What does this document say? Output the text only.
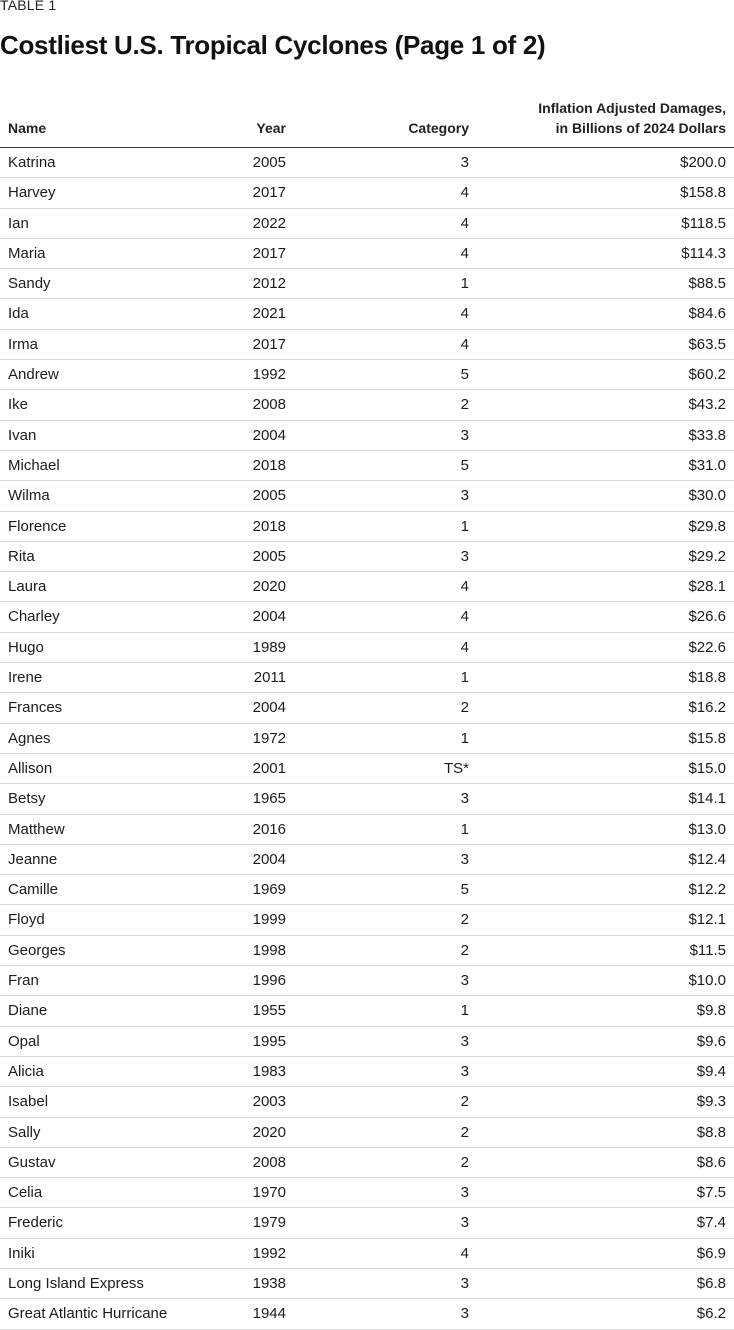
TABLE 1
Costliest U.S. Tropical Cyclones (Page 1 of 2)
Name	Year	Category
Inflation Adjusted Damages,
in Billions of 2024 Dollars
Katrina	2005	3	$200.0
Harvey	2017	4	$158.8
Ian	2022	4	$118.5
Maria	2017	4	$114.3
Sandy	2012	1	$88.5
Ida	2021	4	$84.6
Irma	2017	4	$63.5
Andrew	1992	5	$60.2
Ike	2008	2	$43.2
Ivan	2004	3	$33.8
Michael	2018	5	$31.0
Wilma	2005	3	$30.0
Florence	2018	1	$29.8
Rita	2005	3	$29.2
Laura	2020	4	$28.1
Charley	2004	4	$26.6
Hugo	1989	4	$22.6
Irene	2011	1	$18.8
Frances	2004	2	$16.2
Agnes	1972	1	$15.8
Allison	2001	TS*	$15.0
Betsy	1965	3	$14.1
Matthew	2016	1	$13.0
Jeanne	2004	3	$12.4
Camille	1969	5	$12.2
Floyd	1999	2	$12.1
Georges	1998	2	$11.5
Fran	1996	3	$10.0
Diane	1955	1	$9.8
Opal	1995	3	$9.6
Alicia	1983	3	$9.4
Isabel	2003	2	$9.3
Sally	2020	2	$8.8
Gustav	2008	2	$8.6
Celia	1970	3	$7.5
Frederic	1979	3	$7.4
Iniki	1992	4	$6.9
Long Island Express	1938	3	$6.8
Great Atlantic Hurricane	1944	3	$6.2
